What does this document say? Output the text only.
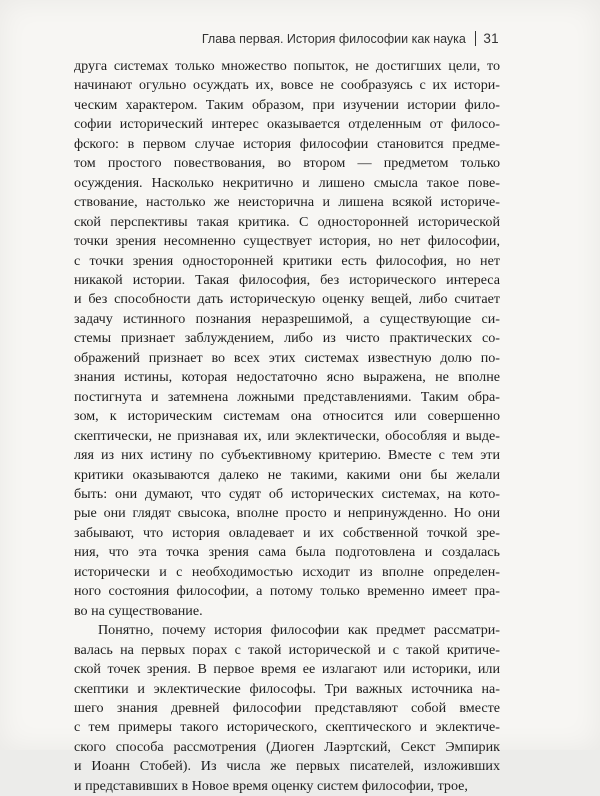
Глава первая. История философии как наука 31
друга системах только множество попыток, не достигших цели, то
начинают огульно осуждать их, вовсе не сообразуясь с их истори-
ческим характером. Таким образом, при изучении истории фило-
софии исторический интерес оказывается отделенным от филосо-
фского: в первом случае история философии становится предме-
том простого повествования, во втором — предметом только
осуждения. Насколько некритично и лишено смысла такое пове-
ствование, настолько же неисторична и лишена всякой историче-
ской перспективы такая критика. С односторонней исторической
точки зрения несомненно существует история, но нет философии,
с точки зрения односторонней критики есть философия, но нет
никакой истории. Такая философия, без исторического интереса
и без способности дать историческую оценку вещей, либо считает
задачу истинного познания неразрешимой, а существующие си-
стемы признает заблуждением, либо из чисто практических со-
ображений признает во всех этих системах известную долю по-
знания истины, которая недостаточно ясно выражена, не вполне
постигнута и затемнена ложными представлениями. Таким обра-
зом, к историческим системам она относится или совершенно
скептически, не признавая их, или эклектически, обособляя и выде-
ляя из них истину по субъективному критерию. Вместе с тем эти
критики оказываются далеко не такими, какими они бы желали
быть: они думают, что судят об исторических системах, на кото-
рые они глядят свысока, вполне просто и непринужденно. Но они
забывают, что история овладевает и их собственной точкой зре-
ния, что эта точка зрения сама была подготовлена и создалась
исторически и с необходимостью исходит из вполне определен-
ного состояния философии, а потому только временно имеет пра-
во на существование.
Понятно, почему история философии как предмет рассматри-
валась на первых порах с такой исторической и с такой критиче-
ской точек зрения. В первое время ее излагают или историки, или
скептики и эклектические философы. Три важных источника на-
шего знания древней философии представляют собой вместе
с тем примеры такого исторического, скептического и эклектиче-
ского способа рассмотрения (Диоген Лаэртский, Секст Эмпирик
и Иоанн Стобей). Из числа же первых писателей, изложивших
и представивших в Новое время оценку систем философии, трое,
